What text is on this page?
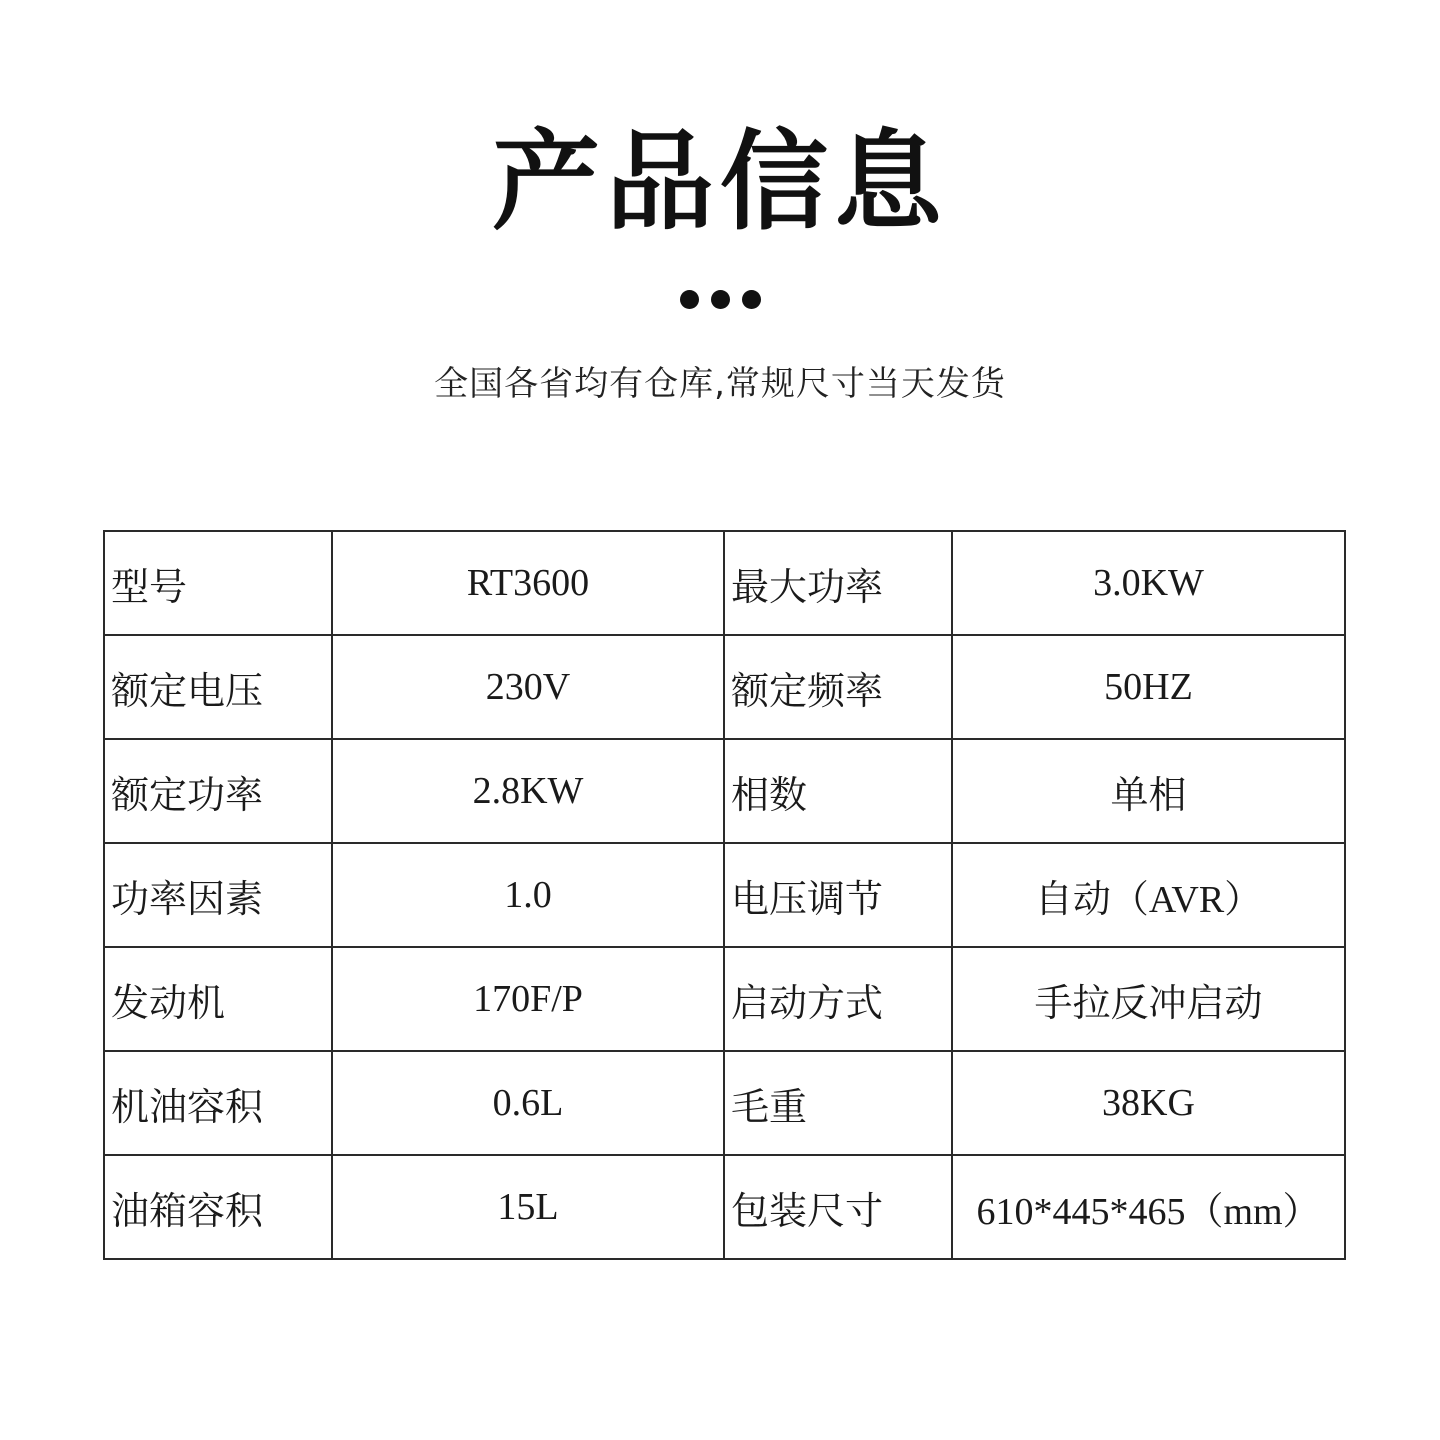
产品信息
全国各省均有仓库,常规尺寸当天发货
型号	RT3600	最大功率	3.0KW
额定电压	230V	额定频率	50HZ
额定功率	2.8KW	相数	单相
功率因素	1.0	电压调节	自动（AVR）
发动机	170F/P	启动方式	手拉反冲启动
机油容积	0.6L	毛重	38KG
油箱容积	15L	包装尺寸	610*445*465（mm）
